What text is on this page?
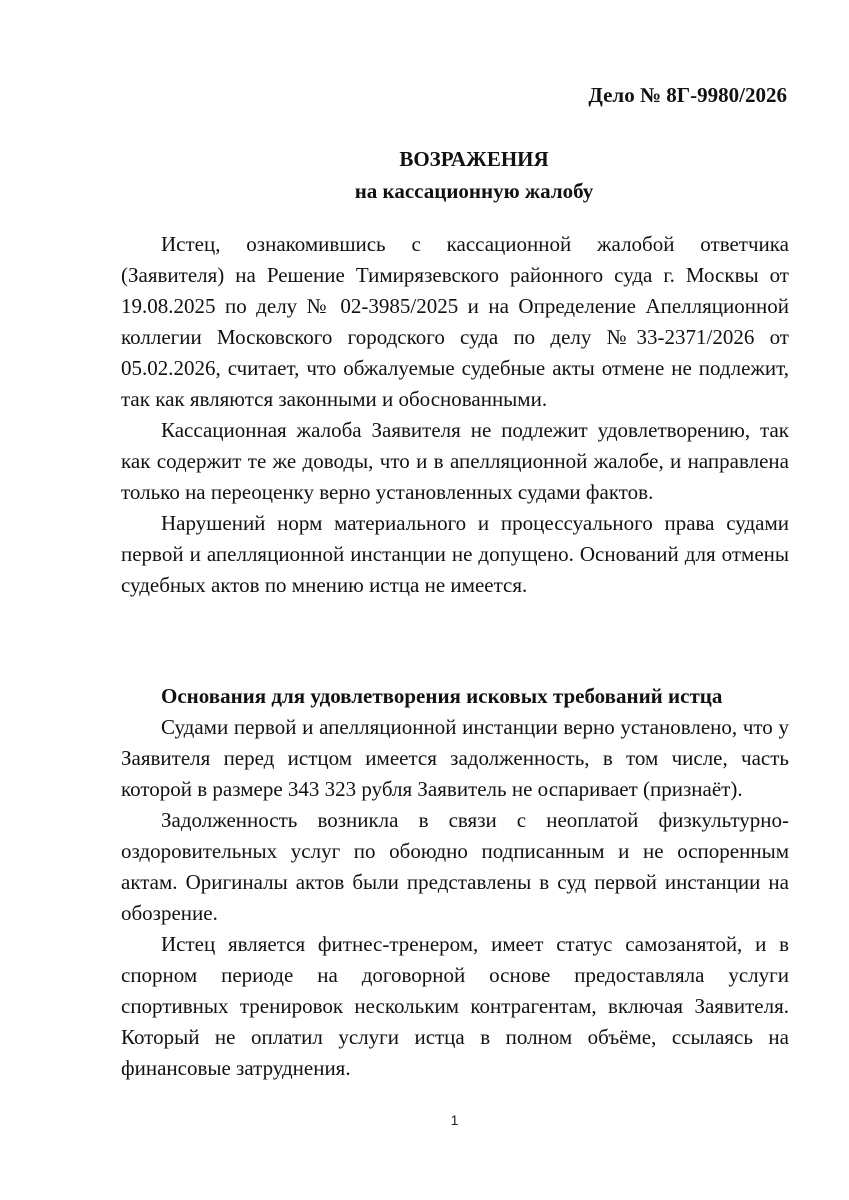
Дело № 8Г-9980/2026
ВОЗРАЖЕНИЯ
на кассационную жалобу

Истец, ознакомившись с кассационной жалобой ответчика (Заявителя) на Решение Тимирязевского районного суда г. Москвы от 19.08.2025 по делу № 02-3985/2025 и на Определение Апелляционной коллегии Московского городского суда по делу №33-2371/2026 от 05.02.2026, считает, что обжалуемые судебные акты отмене не подлежит, так как являются законными и обоснованными.

Кассационная жалоба Заявителя не подлежит удовлетворению, так как содержит те же доводы, что и в апелляционной жалобе, и направлена только на переоценку верно установленных судами фактов.

Нарушений норм материального и процессуального права судами первой и апелляционной инстанции не допущено. Оснований для отмены судебных актов по мнению истца не имеется.

Основания для удовлетворения исковых требований истца

Судами первой и апелляционной инстанции верно установлено, что у Заявителя перед истцом имеется задолженность, в том числе, часть которой в размере 343 323 рубля Заявитель не оспаривает (признаёт).

Задолженность возникла в связи с неоплатой физкультурно-оздоровительных услуг по обоюдно подписанным и не оспоренным актам. Оригиналы актов были представлены в суд первой инстанции на обозрение.

Истец является фитнес-тренером, имеет статус самозанятой, и в спорном периоде на договорной основе предоставляла услуги спортивных тренировок нескольким контрагентам, включая Заявителя. Который не оплатил услуги истца в полном объёме, ссылаясь на финансовые затруднения.

1
